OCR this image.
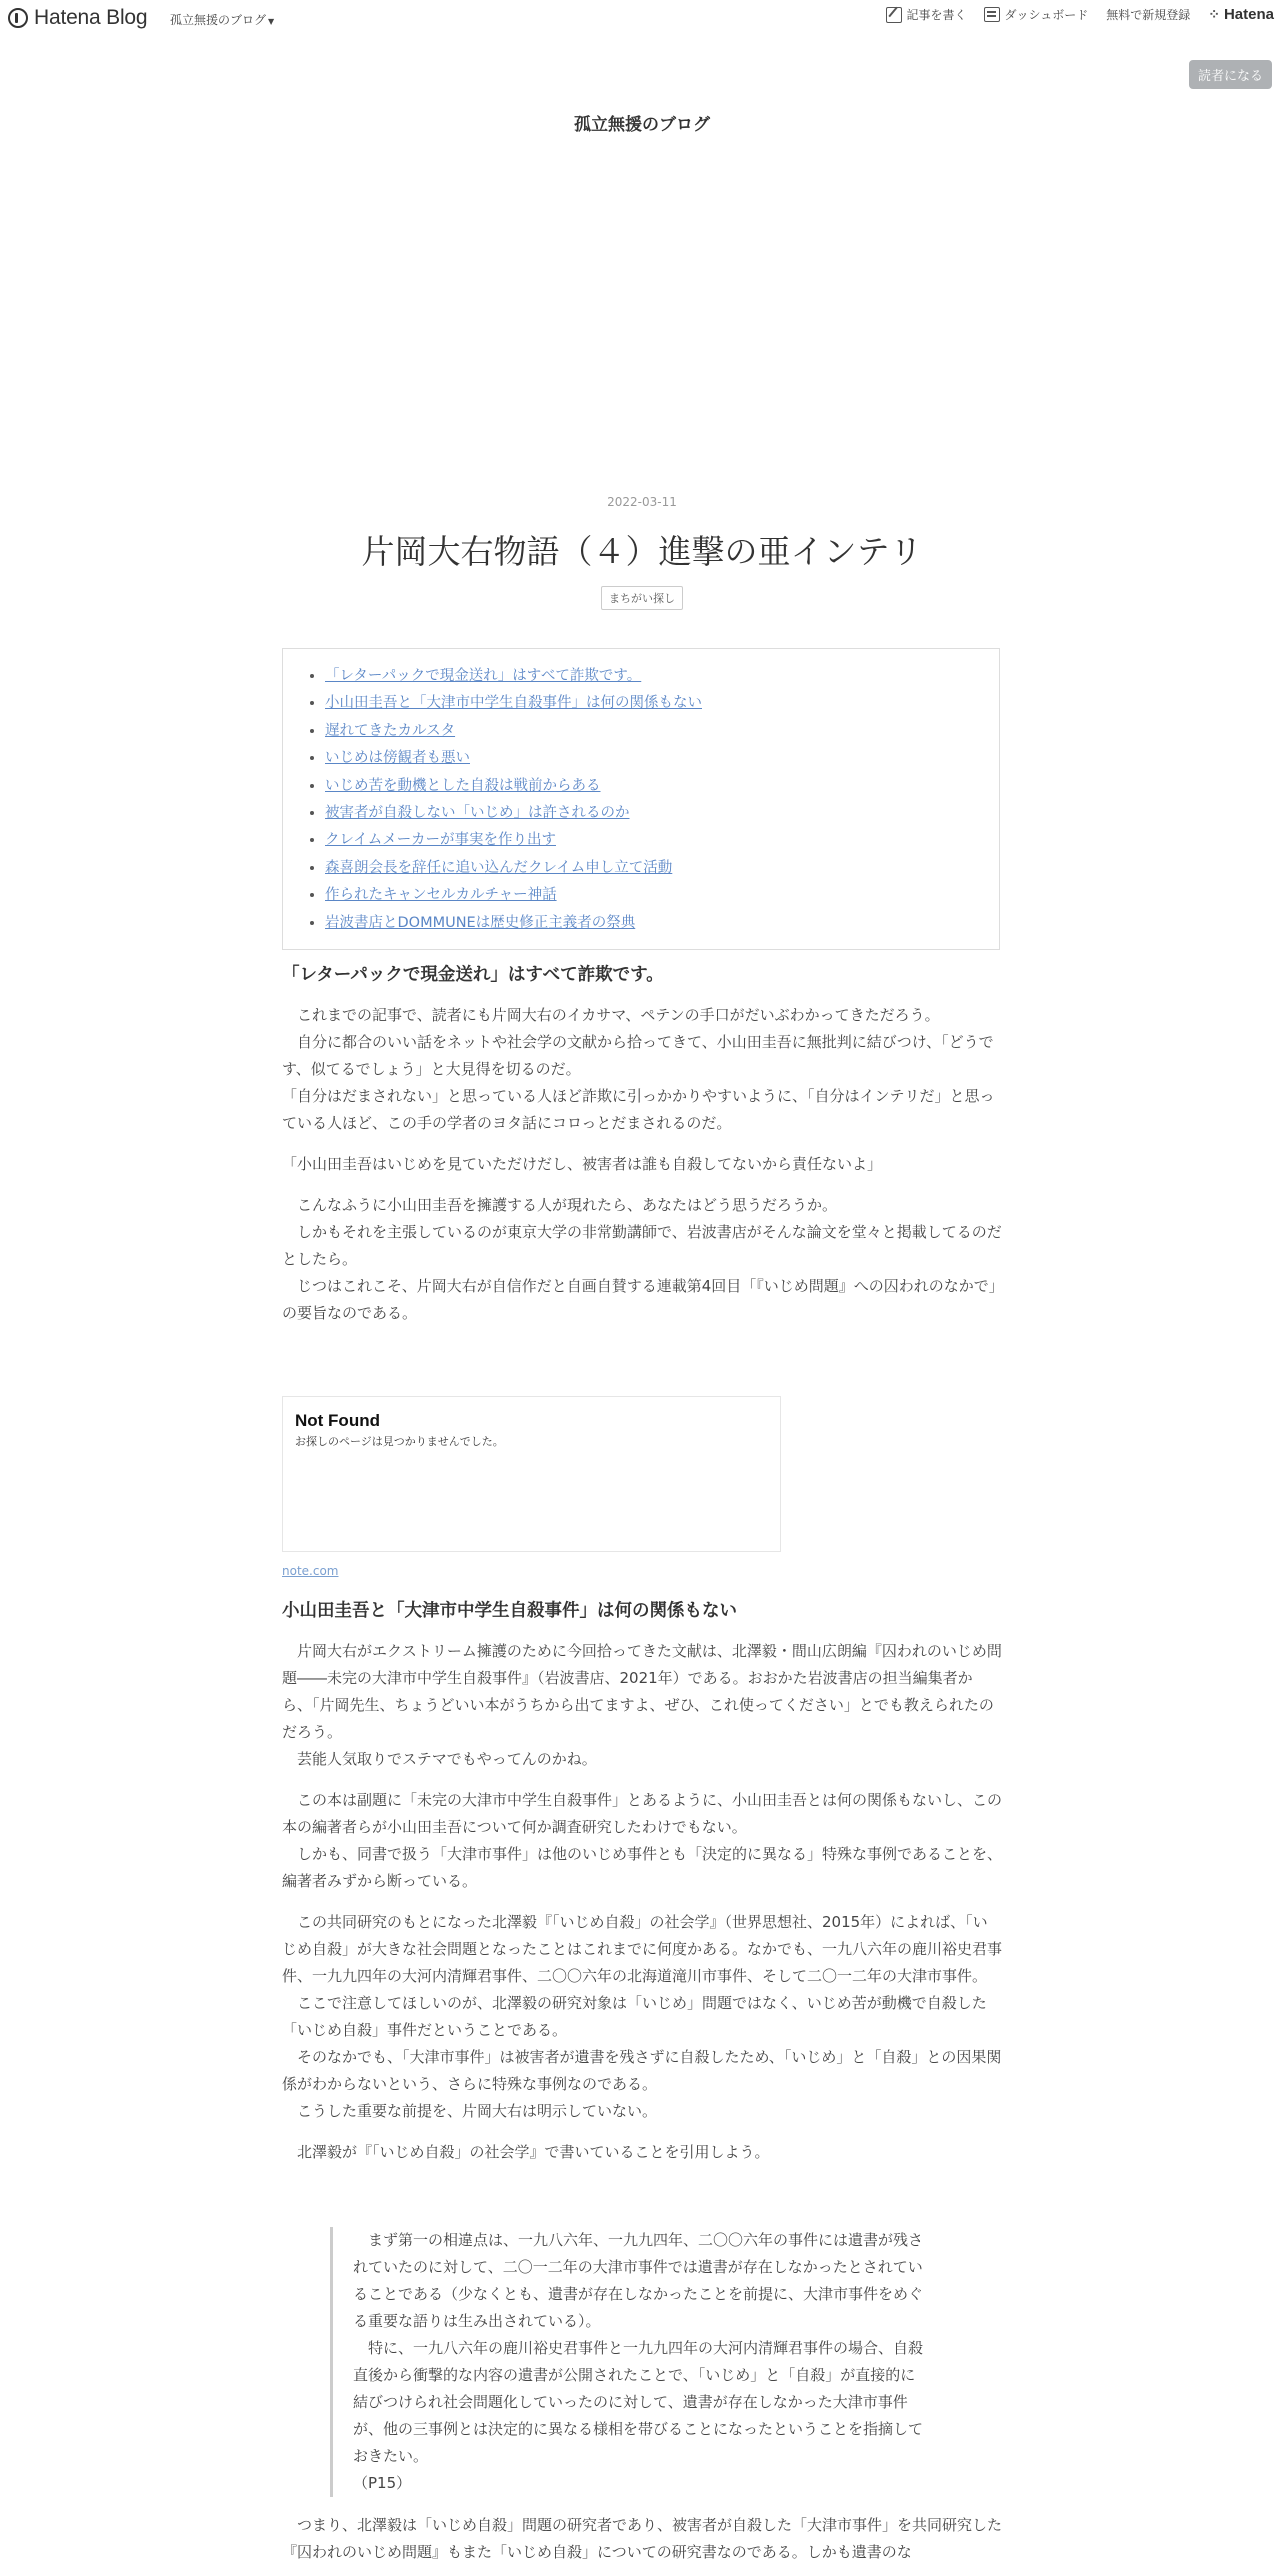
Hatena Blog 孤立無援のブログ ▼	記事を書く	ダッシュボード 無料で新規登録 ⁘ Hatena
読者になる
孤立無援のブログ
2022-03-11
片岡大右物語（４）進撃の亜インテリ
まちがい探し
• 「レターパックで現金送れ」はすべて詐欺です。
• 小山田圭吾と「大津市中学生自殺事件」は何の関係もない
• 遅れてきたカルスタ
• いじめは傍観者も悪い
• いじめ苦を動機とした自殺は戦前からある
• 被害者が自殺しない「いじめ」は許されるのか
• クレイムメーカーが事実を作り出す
• 森喜朗会長を辞任に追い込んだクレイム申し立て活動
• 作られたキャンセルカルチャー神話
• 岩波書店とDOMMUNEは歴史修正主義者の祭典

「レターパックで現金送れ」はすべて詐欺です。

　これまでの記事で、読者にも片岡大右のイカサマ、ペテンの手口がだいぶわかってきただろう。

　自分に都合のいい話をネットや社会学の文献から拾ってきて、小山田圭吾に無批判に結びつけ、「どうです、似てるでしょう」と大見得を切るのだ。

「自分はだまされない」と思っている人ほど詐欺に引っかかりやすいように、「自分はインテリだ」と思っている人ほど、この手の学者のヨタ話にコロっとだまされるのだ。

「小山田圭吾はいじめを見ていただけだし、被害者は誰も自殺してないから責任ないよ」

　こんなふうに小山田圭吾を擁護する人が現れたら、あなたはどう思うだろうか。

　しかもそれを主張しているのが東京大学の非常勤講師で、岩波書店がそんな論文を堂々と掲載してるのだとしたら。

　じつはこれこそ、片岡大右が自信作だと自画自賛する連載第4回目「『いじめ問題』への囚われのなかで」の要旨なのである。

Not Found
お探しのページは見つかりませんでした。
note.com

小山田圭吾と「大津市中学生自殺事件」は何の関係もない

　片岡大右がエクストリーム擁護のために今回拾ってきた文献は、北澤毅・間山広朗編『囚われのいじめ問題――未完の大津市中学生自殺事件』（岩波書店、2021年）である。おおかた岩波書店の担当編集者から、「片岡先生、ちょうどいい本がうちから出てますよ、ぜひ、これ使ってください」とでも教えられたのだろう。

　芸能人気取りでステマでもやってんのかね。

　この本は副題に「未完の大津市中学生自殺事件」とあるように、小山田圭吾とは何の関係もないし、この本の編著者らが小山田圭吾について何か調査研究したわけでもない。

　しかも、同書で扱う「大津市事件」は他のいじめ事件とも「決定的に異なる」特殊な事例であることを、編著者みずから断っている。

　この共同研究のもとになった北澤毅『「いじめ自殺」の社会学』（世界思想社、2015年）によれば、「いじめ自殺」が大きな社会問題となったことはこれまでに何度かある。なかでも、一九八六年の鹿川裕史君事件、一九九四年の大河内清輝君事件、二〇〇六年の北海道滝川市事件、そして二〇一二年の大津市事件。

　ここで注意してほしいのが、北澤毅の研究対象は「いじめ」問題ではなく、いじめ苦が動機で自殺した「いじめ自殺」事件だということである。

　そのなかでも、「大津市事件」は被害者が遺書を残さずに自殺したため、「いじめ」と「自殺」との因果関係がわからないという、さらに特殊な事例なのである。

　こうした重要な前提を、片岡大右は明示していない。

　北澤毅が『「いじめ自殺」の社会学』で書いていることを引用しよう。

　まず第一の相違点は、一九八六年、一九九四年、二〇〇六年の事件には遺書が残されていたのに対して、二〇一二年の大津市事件では遺書が存在しなかったとされていることである（少なくとも、遺書が存在しなかったことを前提に、大津市事件をめぐる重要な語りは生み出されている）。

　特に、一九八六年の鹿川裕史君事件と一九九四年の大河内清輝君事件の場合、自殺直後から衝撃的な内容の遺書が公開されたことで、「いじめ」と「自殺」が直接的に結びつけられ社会問題化していったのに対して、遺書が存在しなかった大津市事件が、他の三事例とは決定的に異なる様相を帯びることになったということを指摘しておきたい。

（P15）

　つまり、北澤毅は「いじめ自殺」問題の研究者であり、被害者が自殺した「大津市事件」を共同研究した『囚われのいじめ問題』もまた「いじめ自殺」についての研究書なのである。しかも遺書のな
